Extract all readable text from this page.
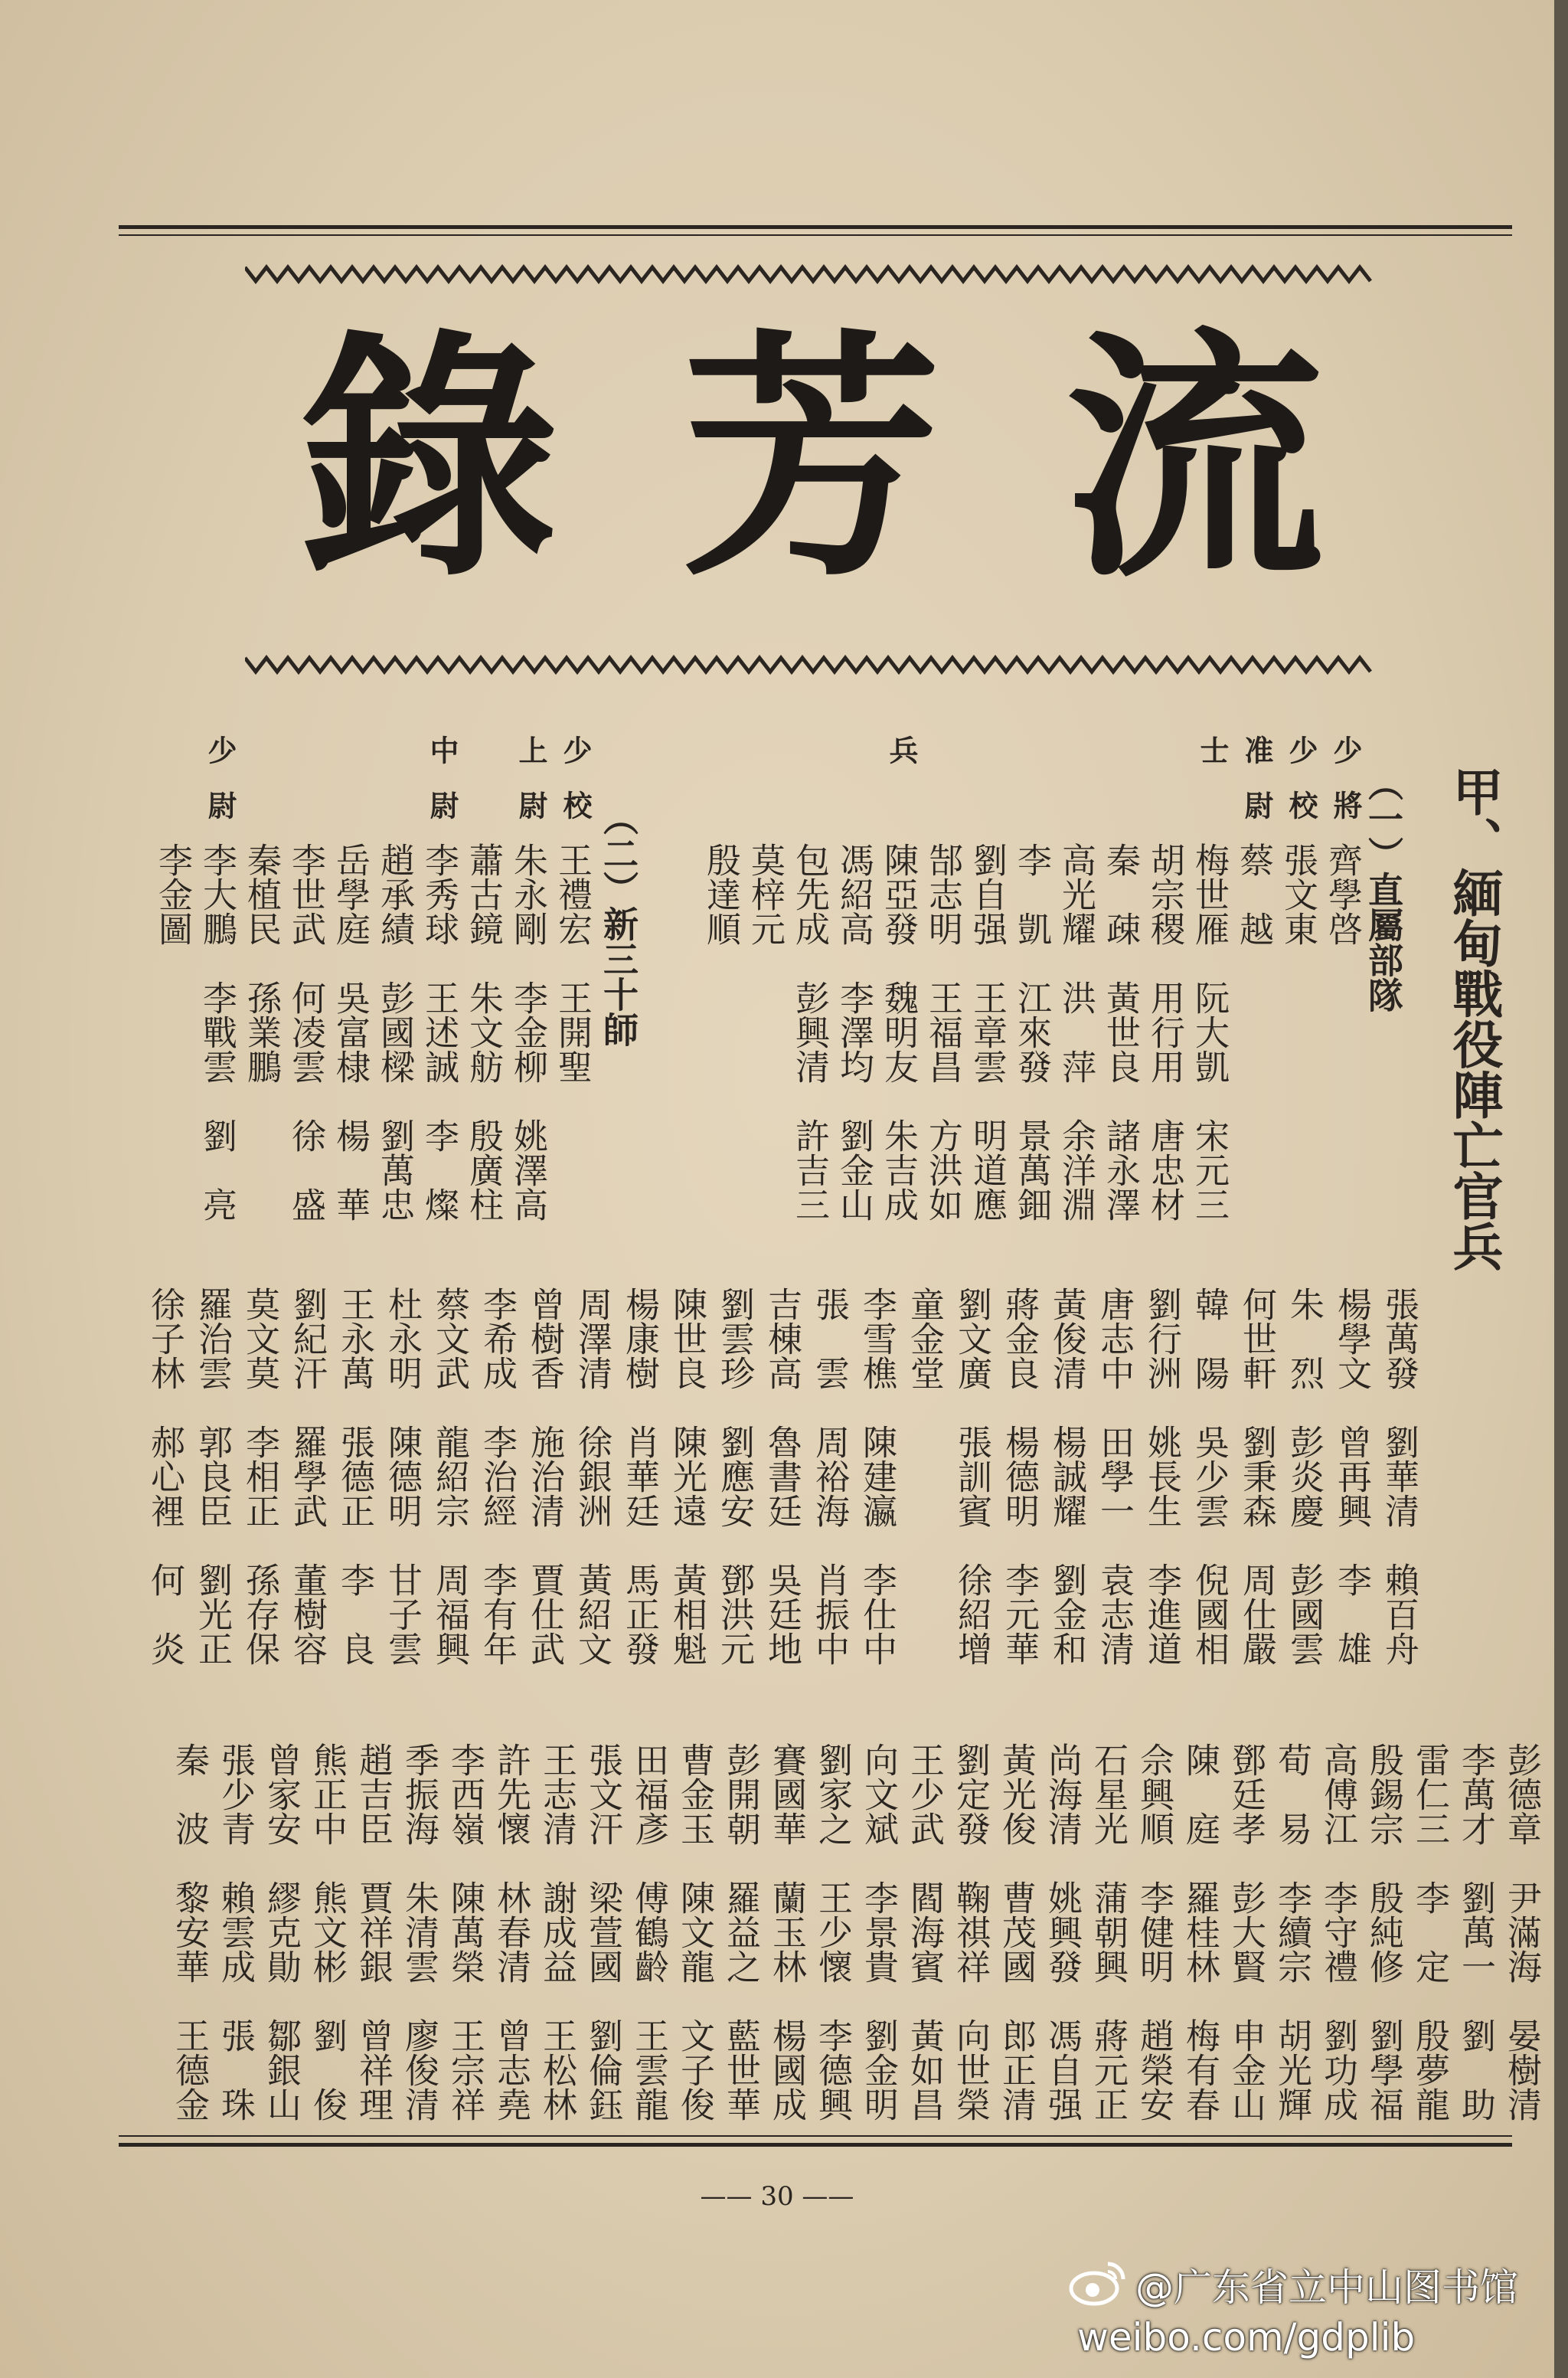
流
芳
錄
甲、緬甸戰役陣亡官兵
（一）直屬部隊
少將
齊學啓
少校
張文東
准尉
蔡　越
士
梅世雁　阮大凱　宋元三
胡宗稷　用行用　唐忠材
秦　疎　黃世良　諸永澤
高光耀　洪　萍　余洋淵
李　凱　江來發　景萬鈿
劉自强　王章雲　明道應
郜志明　王福昌　方洪如
兵
陳亞發　魏明友　朱吉成
馮紹高　李澤均　劉金山
包先成　彭興清　許吉三
莫梓元
殷達順
（二）新三十師
少校
王禮宏　王開聖
上尉
朱永剛　李金柳　姚澤高
蕭古鏡　朱文舫　殷廣柱
中尉
李秀球　王述誠　李　燦
趙承績　彭國樑　劉萬忠
岳學庭　吳富棣　楊　華
李世武　何凌雲　徐　盛
秦植民　孫業鵬
少尉
李大鵬　李戰雲　劉　亮
李金圖
張萬發　劉華清　賴百舟
楊學文　曾再興　李　雄
朱　烈　彭炎慶　彭國雲
何世軒　劉秉森　周仕嚴
韓　陽　吳少雲　倪國相
劉行洲　姚長生　李進道
唐志中　田學一　袁志清
黃俊清　楊誠耀　劉金和
蔣金良　楊德明　李元華
劉文廣　張訓賓　徐紹增
童金堂
李雪樵　陳建瀛　李仕中
張　雲　周裕海　肖振中
吉棟高　魯書廷　吳廷地
劉雲珍　劉應安　鄧洪元
陳世良　陳光遠　黃相魁
楊康樹　肖華廷　馬正發
周澤清　徐銀洲　黃紹文
曾樹香　施治清　賈仕武
李希成　李治經　李有年
蔡文武　龍紹宗　周福興
杜永明　陳德明　甘子雲
王永萬　張德正　李　良
劉紀汗　羅學武　董樹容
莫文莫　李相正　孫存保
羅治雲　郭良臣　劉光正
徐子林　郝心裡　何　炎
彭德章　尹滿海　晏樹清
李萬才　劉萬一　劉　助
雷仁三　李　定　殷夢龍
殷錫宗　殷純修　劉學福
高傅江　李守禮　劉功成
荀　易　李續宗　胡光輝
鄧廷孝　彭大賢　申金山
陳　庭　羅桂林　梅有春
佘興順　李健明　趙榮安
石星光　蒲朝興　蔣元正
尚海清　姚興發　馮自强
黃光俊　曹茂國　郎正清
劉定發　鞠祺祥　向世榮
王少武　閻海賓　黃如昌
向文斌　李景貴　劉金明
劉家之　王少懷　李德興
賽國華　蘭玉林　楊國成
彭開朝　羅益之　藍世華
曹金玉　陳文龍　文子俊
田福彥　傅鶴齡　王雲龍
張文汗　梁萱國　劉倫鈺
王志清　謝成益　王松林
許先懷　林春清　曾志堯
李西嶺　陳萬榮　王宗祥
季振海　朱清雲　廖俊清
趙吉臣　賈祥銀　曾祥理
熊正中　熊文彬　劉　俊
曾家安　繆克勛　鄒銀山
張少青　賴雲成　張　珠
秦　波　黎安華　王德金
—— 30 ——
@广东省立中山图书馆
weibo.com/gdplib
